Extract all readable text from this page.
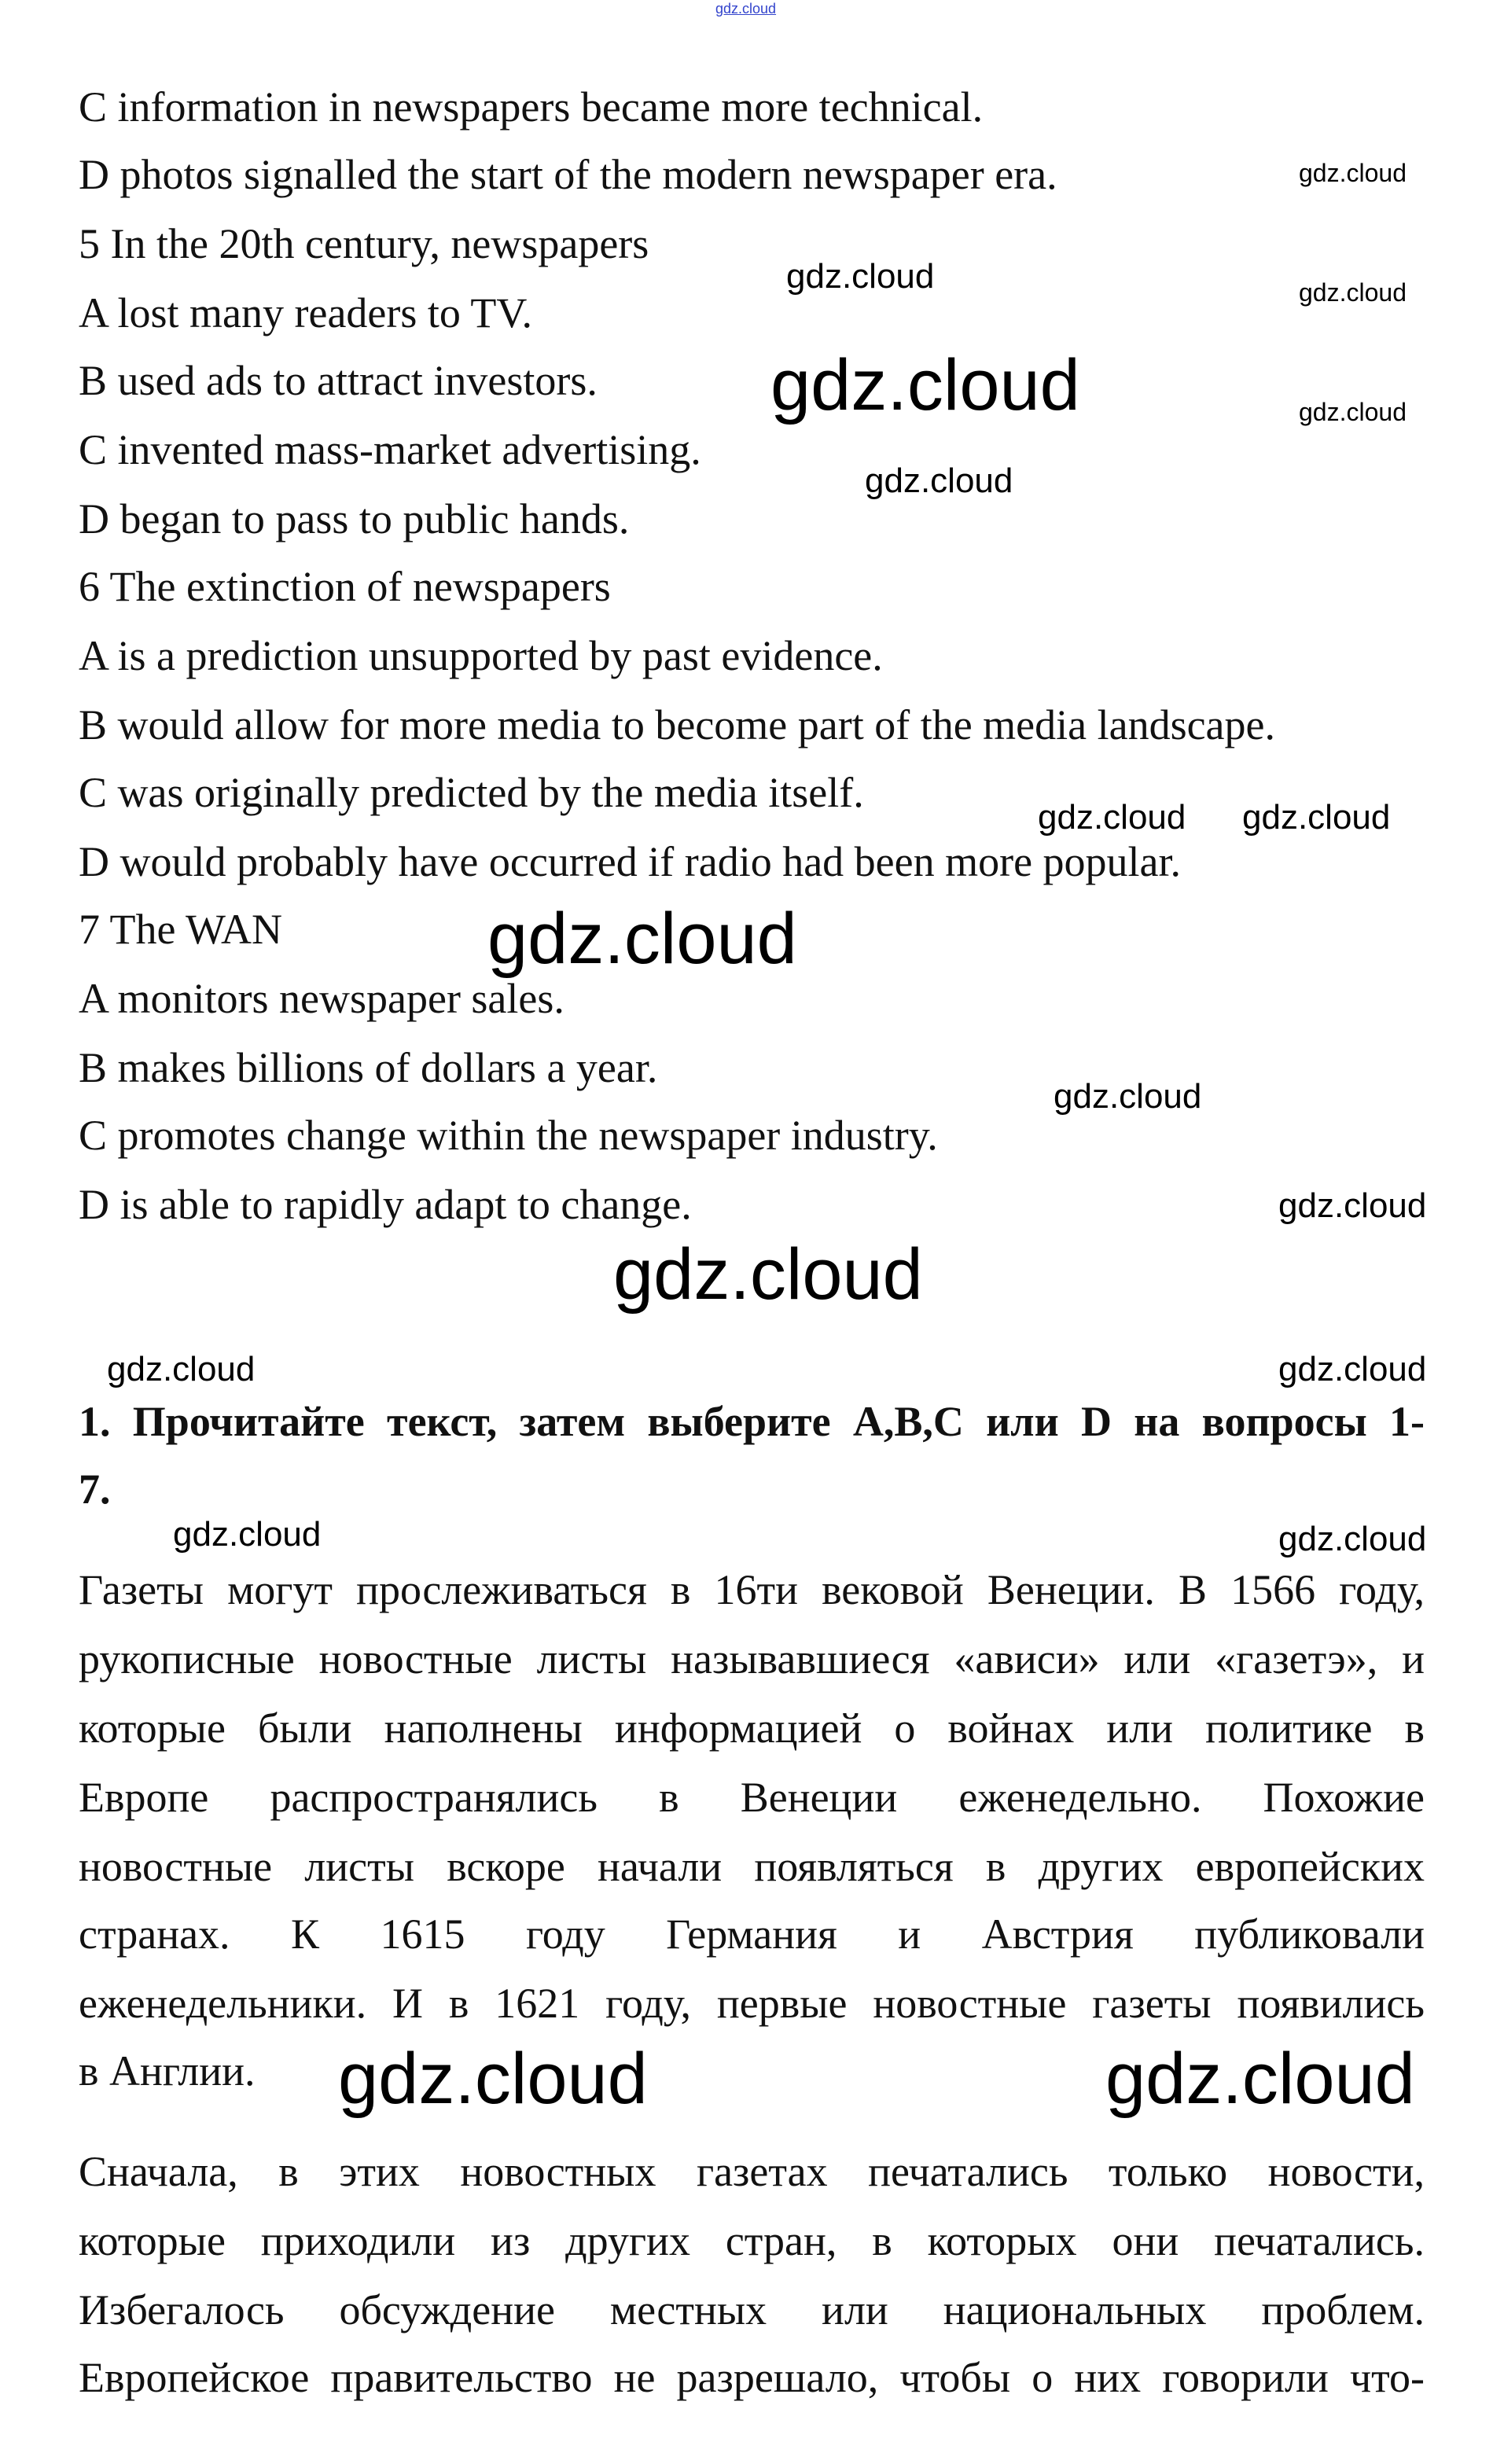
gdz.cloud
C information in newspapers became more technical.
D photos signalled the start of the modern newspaper era.
5 In the 20th century, newspapers
A lost many readers to TV.
B used ads to attract investors.
C invented mass-market advertising.
D began to pass to public hands.
6 The extinction of newspapers
A is a prediction unsupported by past evidence.
B would allow for more media to become part of the media landscape.
C was originally predicted by the media itself.
D would probably have occurred if radio had been more popular.
7 The WAN
A monitors newspaper sales.
B makes billions of dollars a year.
C promotes change within the newspaper industry.
D is able to rapidly adapt to change.
1. Прочитайте текст, затем выберите A,B,C или D на вопросы 1-
7.
Газеты могут прослеживаться в 16ти вековой Венеции. В 1566 году,
рукописные новостные листы называвшиеся «ависи» или «газетэ», и
которые были наполнены информацией о войнах или политике в
Европе распространялись в Венеции еженедельно. Похожие
новостные листы вскоре начали появляться в других европейских
странах. К 1615 году Германия и Австрия публиковали
еженедельники. И в 1621 году, первые новостные газеты появились
в Англии.
Сначала, в этих новостных газетах печатались только новости,
которые приходили из других стран, в которых они печатались.
Избегалось обсуждение местных или национальных проблем.
Европейское правительство не разрешало, чтобы о них говорили что-
gdz.cloud
gdz.cloud
gdz.cloud
gdz.cloud
gdz.cloud
gdz.cloud
gdz.cloud
gdz.cloud gdz.cloud
gdz.cloud
gdz.cloud
gdz.cloud
gdz.cloud	gdz.cloud
gdz.cloud
gdz.cloud
gdz.cloud	gdz.cloud
